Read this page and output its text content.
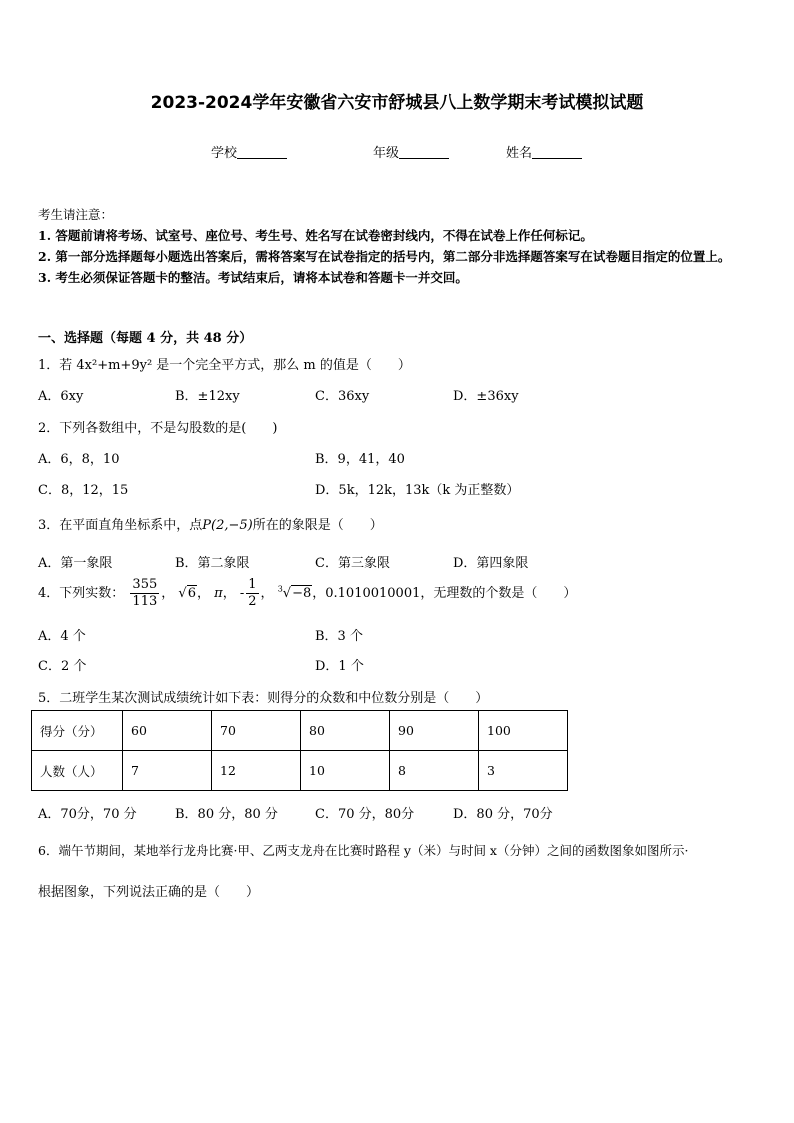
2023-2024学年安徽省六安市舒城县八上数学期末考试模拟试题
学校	年级	姓名
考生请注意：
1. 答题前请将考场、试室号、座位号、考生号、姓名写在试卷密封线内，不得在试卷上作任何标记。
2. 第一部分选择题每小题选出答案后，需将答案写在试卷指定的括号内，第二部分非选择题答案写在试卷题目指定的位置上。
3. 考生必须保证答题卡的整洁。考试结束后，请将本试卷和答题卡一并交回。
一、选择题（每题 4 分，共 48 分）
1．若 4x²+m+9y² 是一个完全平方式，那么 m 的值是（　　）
A．6xy	B．±12xy	C．36xy	D．±36xy
2．下列各数组中，不是勾股数的是(　　)
A．6，8，10	B．9，41，40
C．8，12，15	D．5k，12k，13k（k 为正整数）
3．在平面直角坐标系中，点P(2,−5)所在的象限是（　　）
A．第一象限	B．第二象限	C．第三象限	D．第四象限
4．下列实数： $\frac{355}{113}$ ， √6， π， - $\frac{1}{2}$ ， $^3$√−8，0.1010010001，无理数的个数是（　　）
A．4 个	B．3 个
C．2 个	D．1 个
5．二班学生某次测试成绩统计如下表：则得分的众数和中位数分别是（　　）
得分（分）	60	70	80	90	100
人数（人）	7	12	10	8	3
A．70分，70 分	B．80 分，80 分	C．70 分，80分	D．80 分，70分
6．端午节期间，某地举行龙舟比赛·甲、乙两支龙舟在比赛时路程 y（米）与时间 x（分钟）之间的函数图象如图所示·
根据图象，下列说法正确的是（　　）
